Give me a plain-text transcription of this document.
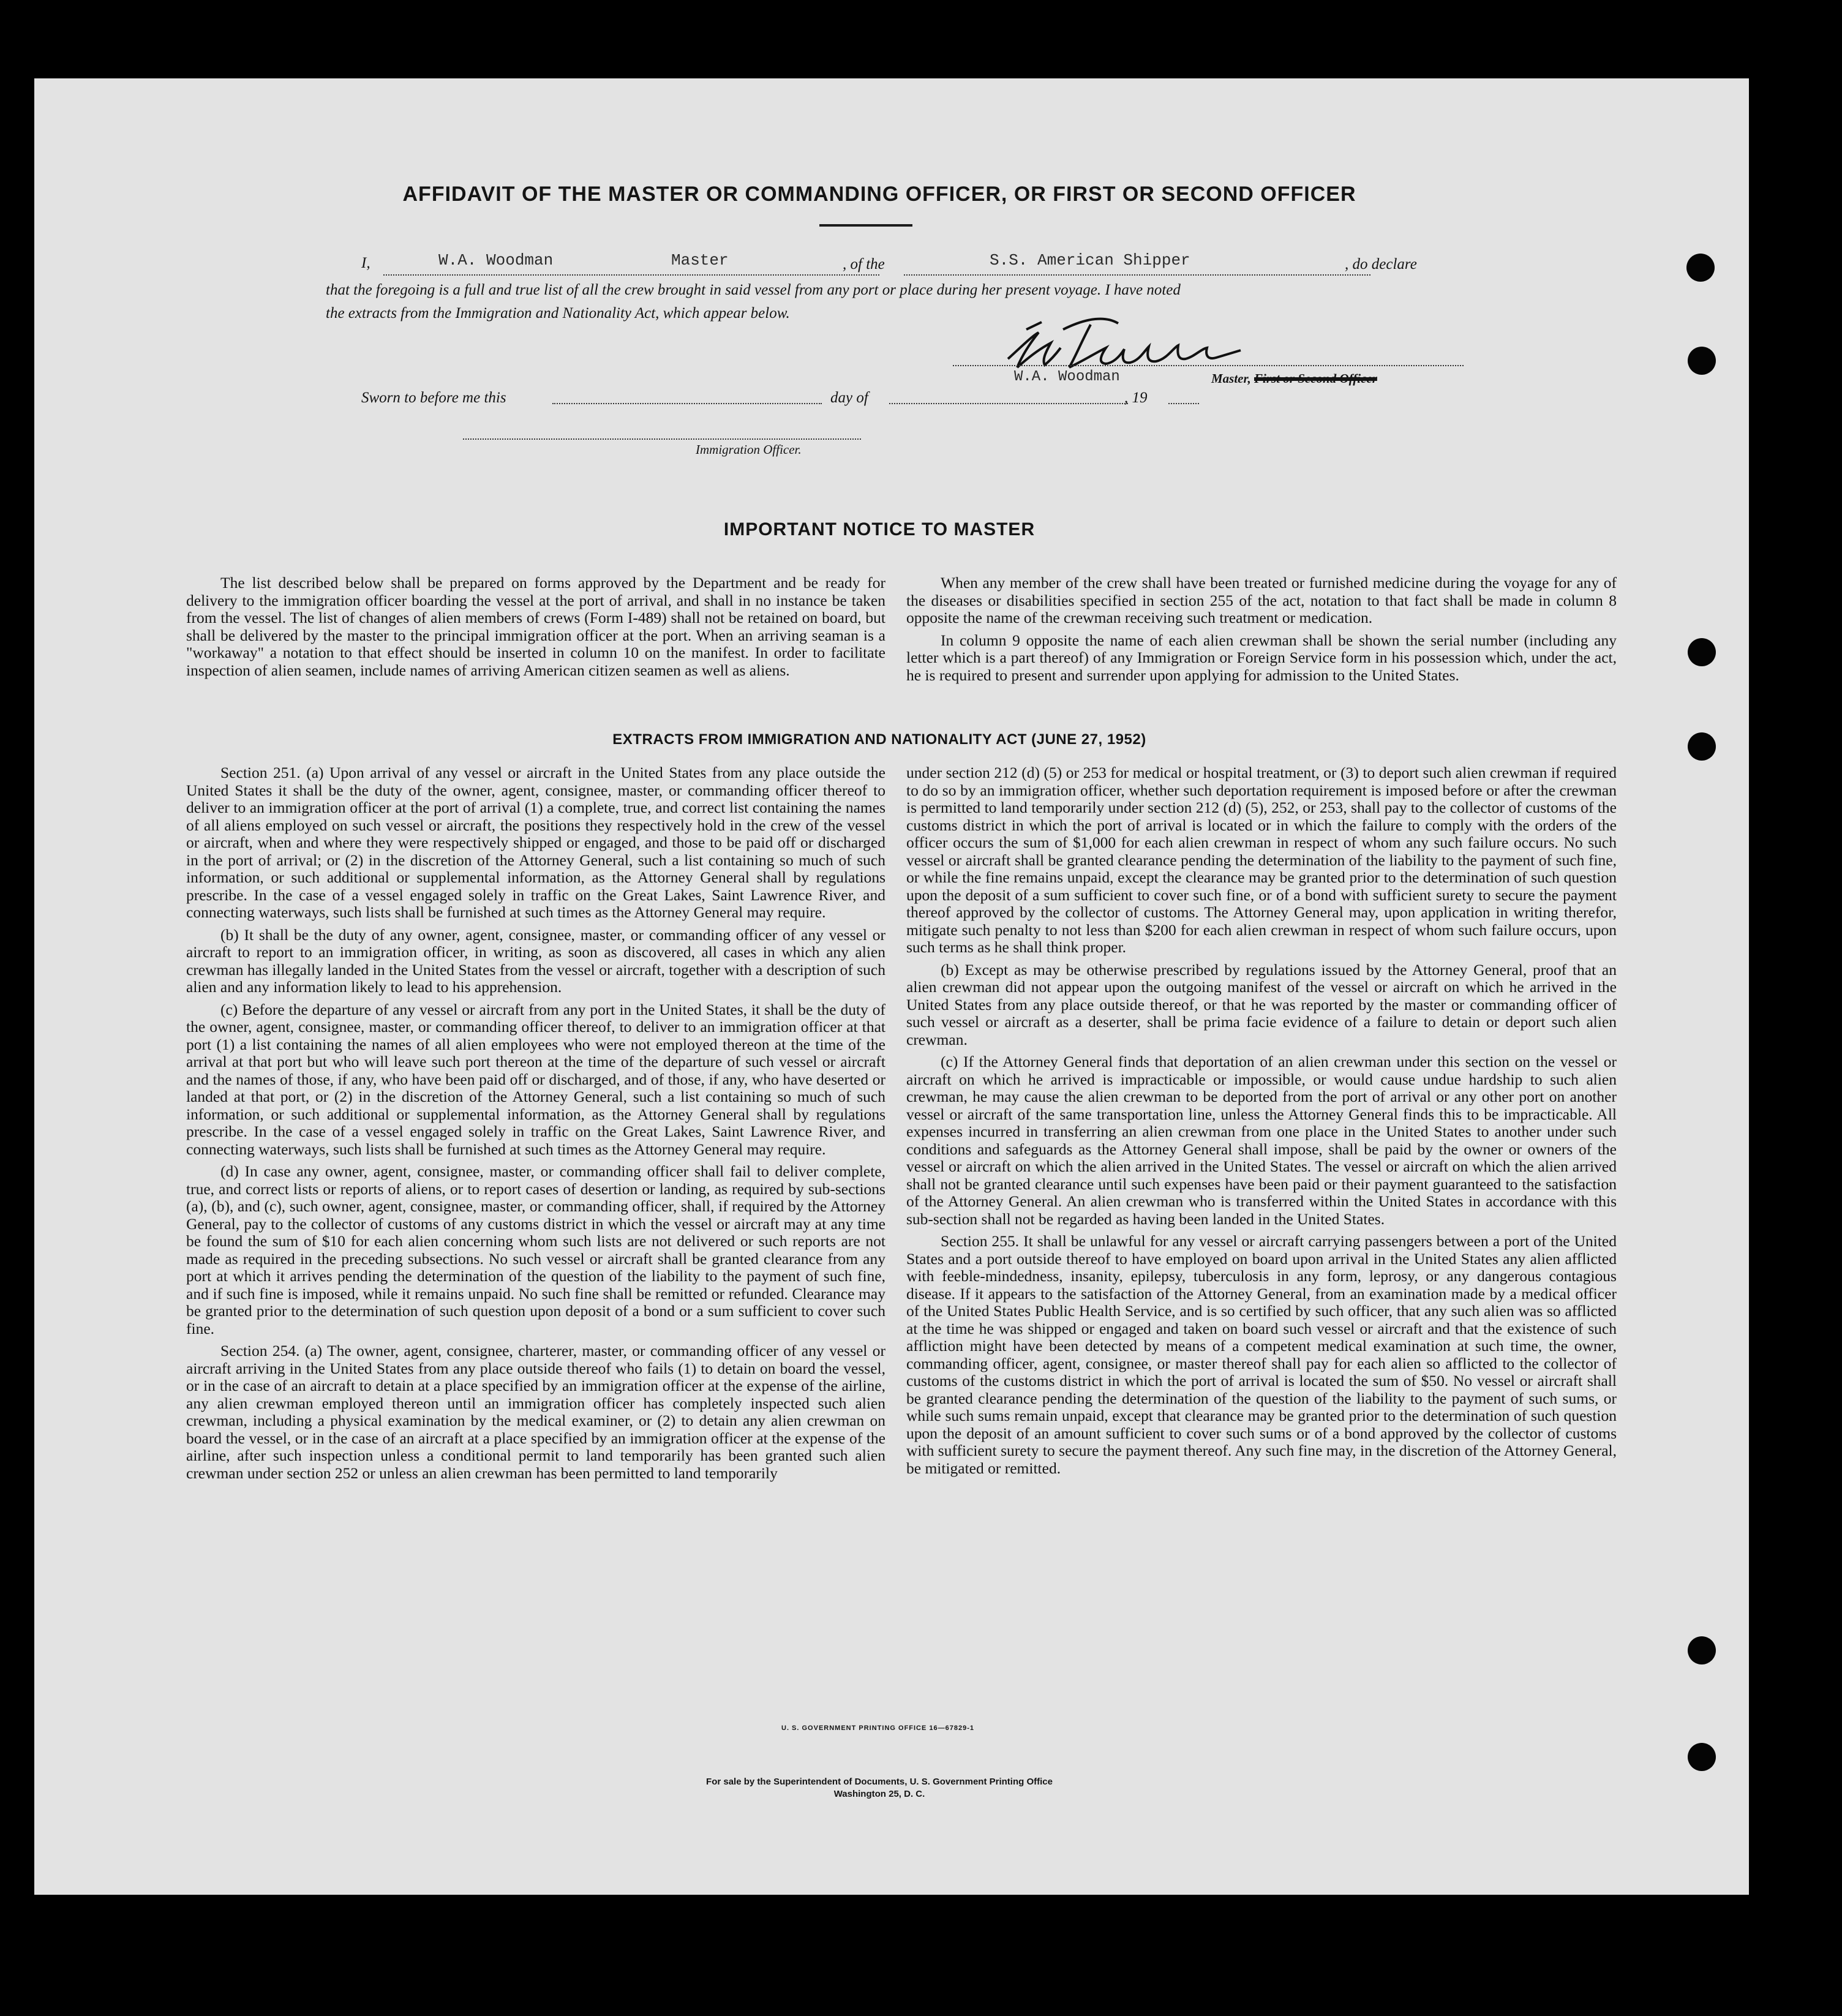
AFFIDAVIT OF THE MASTER OR COMMANDING OFFICER, OR FIRST OR SECOND OFFICER
I,	W.A. Woodman	Master	, of the	S.S. American Shipper	, do declare
that the foregoing is a full and true list of all the crew brought in said vessel from any port or place during her present voyage. I have noted
the extracts from the Immigration and Nationality Act, which appear below.
W.A. Woodman	Master, First or Second Officer
Sworn to before me this	day of	, 19
Immigration Officer.
IMPORTANT NOTICE TO MASTER

The list described below shall be prepared on forms approved by the Department and be ready for delivery to the immigration officer boarding the vessel at the port of arrival, and shall in no instance be taken from the vessel. The list of changes of alien members of crews (Form I-489) shall not be retained on board, but shall be delivered by the master to the principal immigration officer at the port. When an arriving seaman is a "workaway" a notation to that effect should be inserted in column 10 on the manifest. In order to facilitate inspection of alien seamen, include names of arriving American citizen seamen as well as aliens.

When any member of the crew shall have been treated or furnished medicine during the voyage for any of the diseases or disabilities specified in section 255 of the act, notation to that fact shall be made in column 8 opposite the name of the crewman receiving such treatment or medication.

In column 9 opposite the name of each alien crewman shall be shown the serial number (including any letter which is a part thereof) of any Immigration or Foreign Service form in his possession which, under the act, he is required to present and surrender upon applying for admission to the United States.

EXTRACTS FROM IMMIGRATION AND NATIONALITY ACT (JUNE 27, 1952)

Section 251. (a) Upon arrival of any vessel or aircraft in the United States from any place outside the United States it shall be the duty of the owner, agent, consignee, master, or commanding officer thereof to deliver to an immigration officer at the port of arrival (1) a complete, true, and correct list containing the names of all aliens employed on such vessel or aircraft, the positions they respectively hold in the crew of the vessel or aircraft, when and where they were respectively shipped or engaged, and those to be paid off or discharged in the port of arrival; or (2) in the discretion of the Attorney General, such a list containing so much of such information, or such additional or supplemental information, as the Attorney General shall by regulations prescribe. In the case of a vessel engaged solely in traffic on the Great Lakes, Saint Lawrence River, and connecting waterways, such lists shall be furnished at such times as the Attorney General may require.

(b) It shall be the duty of any owner, agent, consignee, master, or commanding officer of any vessel or aircraft to report to an immigration officer, in writing, as soon as discovered, all cases in which any alien crewman has illegally landed in the United States from the vessel or aircraft, together with a description of such alien and any information likely to lead to his apprehension.

(c) Before the departure of any vessel or aircraft from any port in the United States, it shall be the duty of the owner, agent, consignee, master, or commanding officer thereof, to deliver to an immigration officer at that port (1) a list containing the names of all alien employees who were not employed thereon at the time of the arrival at that port but who will leave such port thereon at the time of the departure of such vessel or aircraft and the names of those, if any, who have been paid off or discharged, and of those, if any, who have deserted or landed at that port, or (2) in the discretion of the Attorney General, such a list containing so much of such information, or such additional or supplemental information, as the Attorney General shall by regulations prescribe. In the case of a vessel engaged solely in traffic on the Great Lakes, Saint Lawrence River, and connecting waterways, such lists shall be furnished at such times as the Attorney General may require.

(d) In case any owner, agent, consignee, master, or commanding officer shall fail to deliver complete, true, and correct lists or reports of aliens, or to report cases of desertion or landing, as required by sub-sections (a), (b), and (c), such owner, agent, consignee, master, or commanding officer, shall, if required by the Attorney General, pay to the collector of customs of any customs district in which the vessel or aircraft may at any time be found the sum of $10 for each alien concerning whom such lists are not delivered or such reports are not made as required in the preceding subsections. No such vessel or aircraft shall be granted clearance from any port at which it arrives pending the determination of the question of the liability to the payment of such fine, and if such fine is imposed, while it remains unpaid. No such fine shall be remitted or refunded. Clearance may be granted prior to the determination of such question upon deposit of a bond or a sum sufficient to cover such fine.

Section 254. (a) The owner, agent, consignee, charterer, master, or commanding officer of any vessel or aircraft arriving in the United States from any place outside thereof who fails (1) to detain on board the vessel, or in the case of an aircraft to detain at a place specified by an immigration officer at the expense of the airline, any alien crewman employed thereon until an immigration officer has completely inspected such alien crewman, including a physical examination by the medical examiner, or (2) to detain any alien crewman on board the vessel, or in the case of an aircraft at a place specified by an immigration officer at the expense of the airline, after such inspection unless a conditional permit to land temporarily has been granted such alien crewman under section 252 or unless an alien crewman has been permitted to land temporarily

under section 212 (d) (5) or 253 for medical or hospital treatment, or (3) to deport such alien crewman if required to do so by an immigration officer, whether such deportation requirement is imposed before or after the crewman is permitted to land temporarily under section 212 (d) (5), 252, or 253, shall pay to the collector of customs of the customs district in which the port of arrival is located or in which the failure to comply with the orders of the officer occurs the sum of $1,000 for each alien crewman in respect of whom any such failure occurs. No such vessel or aircraft shall be granted clearance pending the determination of the liability to the payment of such fine, or while the fine remains unpaid, except the clearance may be granted prior to the determination of such question upon the deposit of a sum sufficient to cover such fine, or of a bond with sufficient surety to secure the payment thereof approved by the collector of customs. The Attorney General may, upon application in writing therefor, mitigate such penalty to not less than $200 for each alien crewman in respect of whom such failure occurs, upon such terms as he shall think proper.

(b) Except as may be otherwise prescribed by regulations issued by the Attorney General, proof that an alien crewman did not appear upon the outgoing manifest of the vessel or aircraft on which he arrived in the United States from any place outside thereof, or that he was reported by the master or commanding officer of such vessel or aircraft as a deserter, shall be prima facie evidence of a failure to detain or deport such alien crewman.

(c) If the Attorney General finds that deportation of an alien crewman under this section on the vessel or aircraft on which he arrived is impracticable or impossible, or would cause undue hardship to such alien crewman, he may cause the alien crewman to be deported from the port of arrival or any other port on another vessel or aircraft of the same transportation line, unless the Attorney General finds this to be impracticable. All expenses incurred in transferring an alien crewman from one place in the United States to another under such conditions and safeguards as the Attorney General shall impose, shall be paid by the owner or owners of the vessel or aircraft on which the alien arrived in the United States. The vessel or aircraft on which the alien arrived shall not be granted clearance until such expenses have been paid or their payment guaranteed to the satisfaction of the Attorney General. An alien crewman who is transferred within the United States in accordance with this sub-section shall not be regarded as having been landed in the United States.

Section 255. It shall be unlawful for any vessel or aircraft carrying passengers between a port of the United States and a port outside thereof to have employed on board upon arrival in the United States any alien afflicted with feeble-mindedness, insanity, epilepsy, tuberculosis in any form, leprosy, or any dangerous contagious disease. If it appears to the satisfaction of the Attorney General, from an examination made by a medical officer of the United States Public Health Service, and is so certified by such officer, that any such alien was so afflicted at the time he was shipped or engaged and taken on board such vessel or aircraft and that the existence of such affliction might have been detected by means of a competent medical examination at such time, the owner, commanding officer, agent, consignee, or master thereof shall pay for each alien so afflicted to the collector of customs of the customs district in which the port of arrival is located the sum of $50. No vessel or aircraft shall be granted clearance pending the determination of the question of the liability to the payment of such sums, or while such sums remain unpaid, except that clearance may be granted prior to the determination of such question upon the deposit of an amount sufficient to cover such sums or of a bond approved by the collector of customs with sufficient surety to secure the payment thereof. Any such fine may, in the discretion of the Attorney General, be mitigated or remitted.

U. S. GOVERNMENT PRINTING OFFICE 16—67829-1
For sale by the Superintendent of Documents, U. S. Government Printing Office
Washington 25, D. C.
